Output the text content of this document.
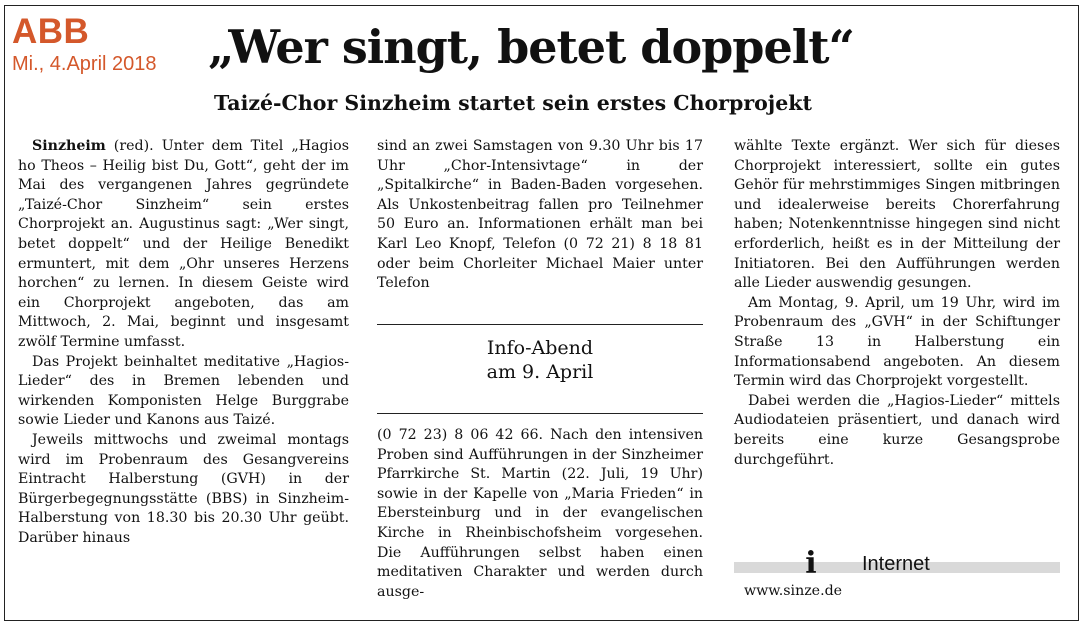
ABB
Mi., 4.April 2018 „Wer singt, betet doppelt“
Taizé-Chor Sinzheim startet sein erstes Chorprojekt

Sinzheim (red). Unter dem Titel „Hagios ho Theos – Heilig bist Du, Gott“, geht der im Mai des vergangenen Jahres gegründete „Taizé-Chor Sinzheim“ sein erstes Chorprojekt an. Augustinus sagt: „Wer singt, betet doppelt“ und der Heilige Benedikt ermuntert, mit dem „Ohr unseres Herzens horchen“ zu lernen. In diesem Geiste wird ein Chorprojekt angeboten, das am Mittwoch, 2. Mai, beginnt und insgesamt zwölf Termine umfasst.

Das Projekt beinhaltet meditative „Hagios-Lieder“ des in Bremen lebenden und wirkenden Komponisten Helge Burggrabe sowie Lieder und Kanons aus Taizé.

Jeweils mittwochs und zweimal montags wird im Probenraum des Gesangvereins Eintracht Halberstung (GVH) in der Bürgerbegegnungsstätte (BBS) in Sinzheim-Halberstung von 18.30 bis 20.30 Uhr geübt. Darüber hinaus

sind an zwei Samstagen von 9.30 Uhr bis 17 Uhr „Chor-Intensivtage“ in der „Spitalkirche“ in Baden-Baden vorgesehen. Als Unkostenbeitrag fallen pro Teilnehmer 50 Euro an. Informationen erhält man bei Karl Leo Knopf, Telefon (0 72 21) 8 18 81 oder beim Chorleiter Michael Maier unter Telefon

Info-Abend
am 9. April

(0 72 23) 8 06 42 66. Nach den intensiven Proben sind Aufführungen in der Sinzheimer Pfarrkirche St. Martin (22. Juli, 19 Uhr) sowie in der Kapelle von „Maria Frieden“ in Ebersteinburg und in der evangelischen Kirche in Rheinbischofsheim vorgesehen. Die Aufführungen selbst haben einen meditativen Charakter und werden durch ausge-

wählte Texte ergänzt. Wer sich für dieses Chorprojekt interessiert, sollte ein gutes Gehör für mehrstimmiges Singen mitbringen und idealerweise bereits Chorerfahrung haben; Notenkenntnisse hingegen sind nicht erforderlich, heißt es in der Mitteilung der Initiatoren. Bei den Aufführungen werden alle Lieder auswendig gesungen.

Am Montag, 9. April, um 19 Uhr, wird im Probenraum des „GVH“ in der Schiftunger Straße 13 in Halberstung ein Informationsabend angeboten. An diesem Termin wird das Chorprojekt vorgestellt.

Dabei werden die „Hagios-Lieder“ mittels Audiodateien präsentiert, und danach wird bereits eine kurze Gesangsprobe durchgeführt.

i Internet
www.sinze.de
